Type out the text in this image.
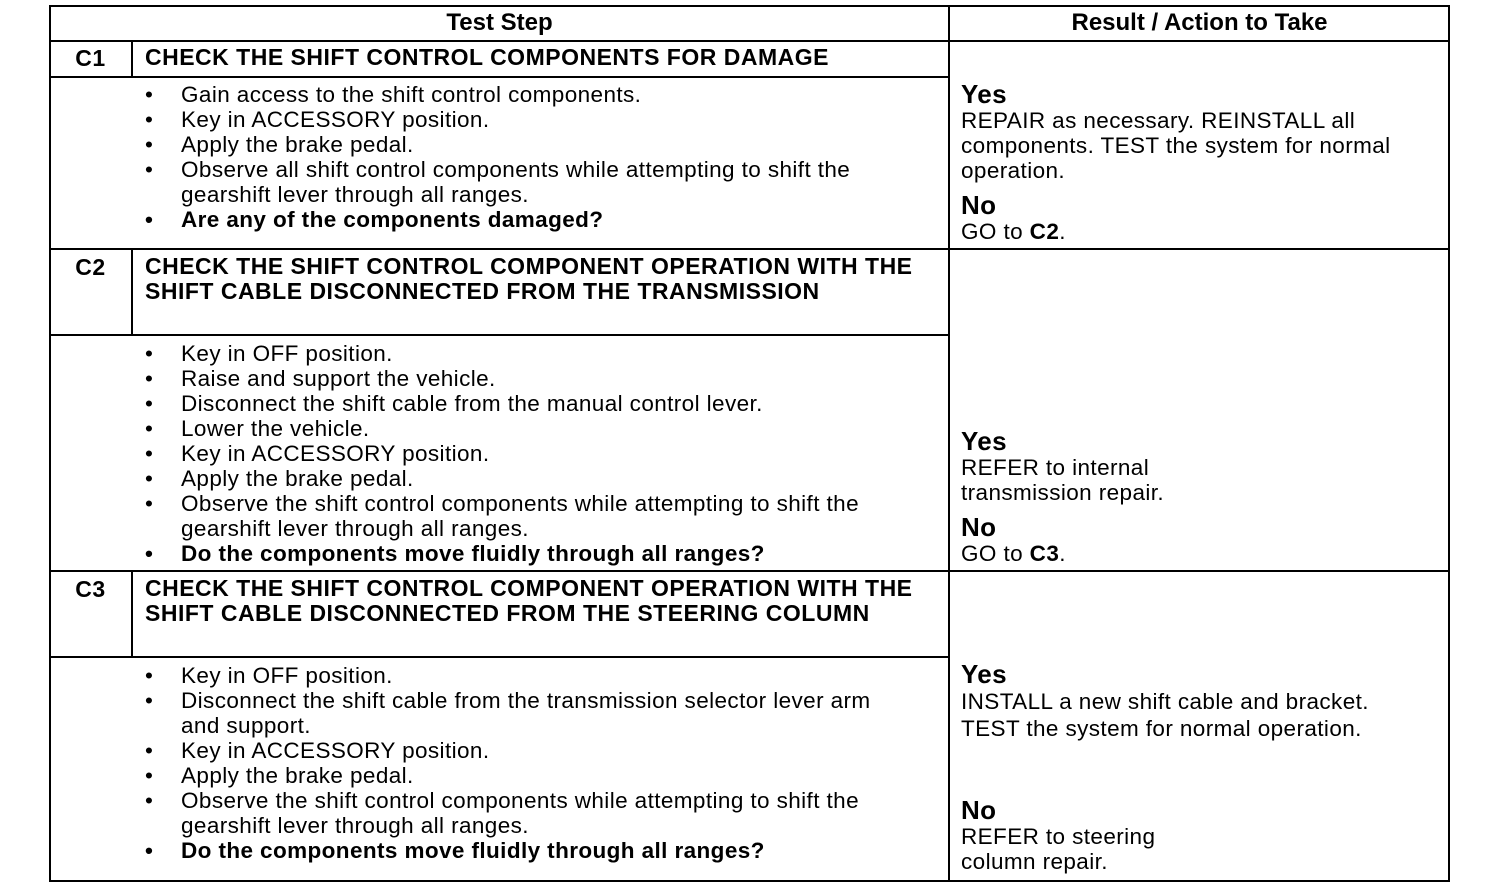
Test Step	Result / Action to Take
C1	CHECK THE SHIFT CONTROL COMPONENTS FOR DAMAGE

• Gain access to the shift control components.
• Key in ACCESSORY position.
• Apply the brake pedal.
• Observe all shift control components while attempting to shift the gearshift lever through all ranges.
• Are any of the components damaged?
Yes
REPAIR as necessary. REINSTALL all components. TEST the system for normal operation.
No
GO to C2.
C2	CHECK THE SHIFT CONTROL COMPONENT OPERATION WITH THE SHIFT CABLE DISCONNECTED FROM THE TRANSMISSION

• Key in OFF position.
• Raise and support the vehicle.
• Disconnect the shift cable from the manual control lever.
• Lower the vehicle.
• Key in ACCESSORY position.
• Apply the brake pedal.
• Observe the shift control components while attempting to shift the gearshift lever through all ranges.
• Do the components move fluidly through all ranges?
Yes
REFER to internal transmission repair.
No
GO to C3.
C3	CHECK THE SHIFT CONTROL COMPONENT OPERATION WITH THE SHIFT CABLE DISCONNECTED FROM THE STEERING COLUMN

• Key in OFF position.
• Disconnect the shift cable from the transmission selector lever arm and support.
• Key in ACCESSORY position.
• Apply the brake pedal.
• Observe the shift control components while attempting to shift the gearshift lever through all ranges.
• Do the components move fluidly through all ranges?
Yes
INSTALL a new shift cable and bracket. TEST the system for normal operation.
No
REFER to steering column repair.
